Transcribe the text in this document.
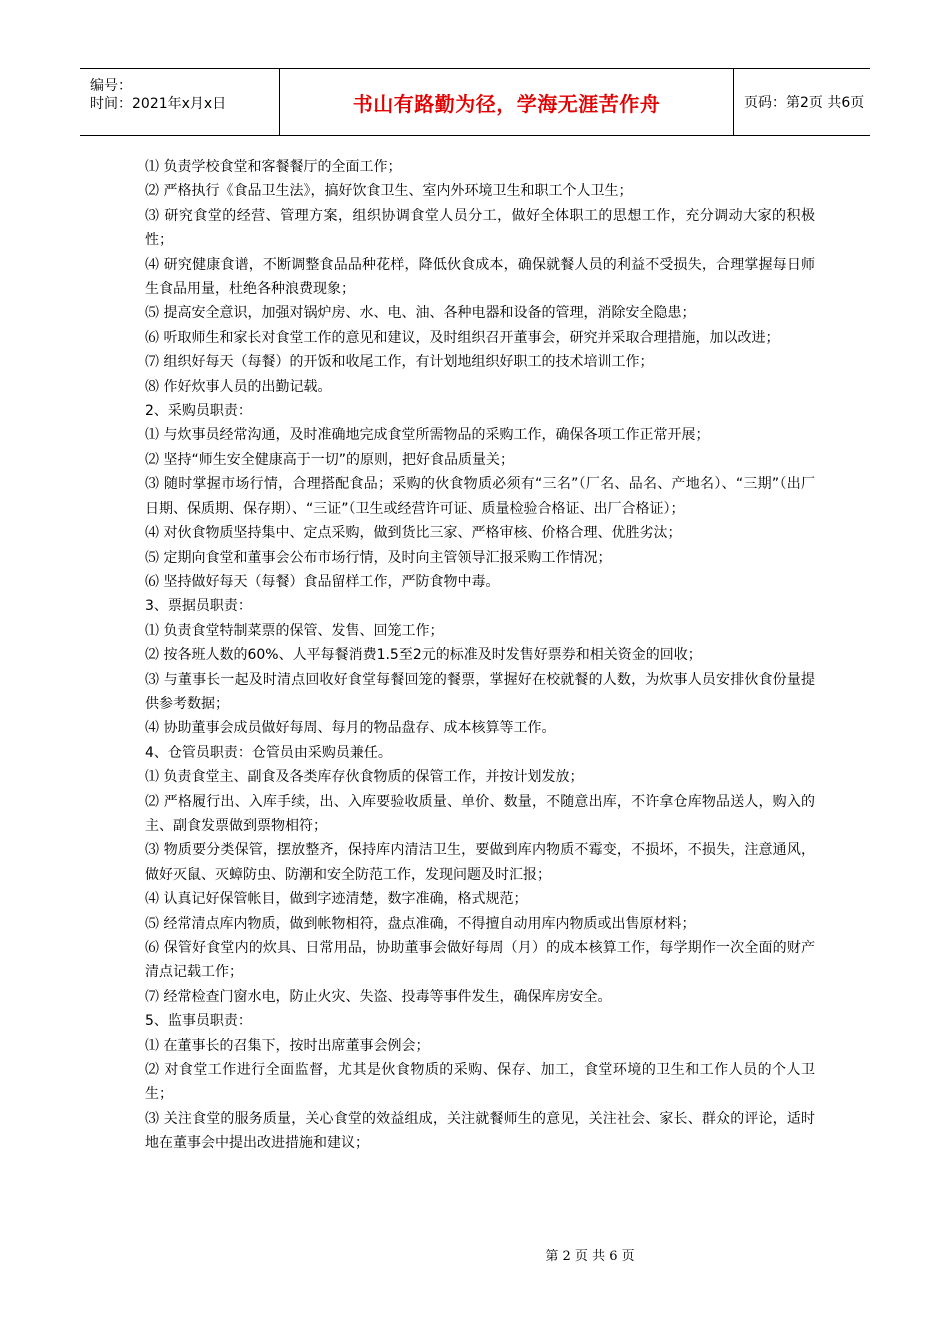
编号：
时间：2021年x月x日	书山有路勤为径，学海无涯苦作舟	页码：第2页 共6页

⑴ 负责学校食堂和客餐餐厅的全面工作；

⑵ 严格执行《食品卫生法》，搞好饮食卫生、室内外环境卫生和职工个人卫生；

⑶ 研究食堂的经营、管理方案，组织协调食堂人员分工，做好全体职工的思想工作，充分调动大家的积极性；

⑷ 研究健康食谱，不断调整食品品种花样，降低伙食成本，确保就餐人员的利益不受损失，合理掌握每日师生食品用量，杜绝各种浪费现象；

⑸ 提高安全意识，加强对锅炉房、水、电、油、各种电器和设备的管理，消除安全隐患；

⑹ 听取师生和家长对食堂工作的意见和建议，及时组织召开董事会，研究并采取合理措施，加以改进；

⑺ 组织好每天（每餐）的开饭和收尾工作，有计划地组织好职工的技术培训工作；

⑻ 作好炊事人员的出勤记载。

2、采购员职责：

⑴ 与炊事员经常沟通，及时准确地完成食堂所需物品的采购工作，确保各项工作正常开展；

⑵ 坚持“师生安全健康高于一切”的原则，把好食品质量关；

⑶ 随时掌握市场行情，合理搭配食品；采购的伙食物质必须有“三名”（厂名、品名、产地名）、“三期”（出厂日期、保质期、保存期）、“三证”（卫生或经营许可证、质量检验合格证、出厂合格证）；

⑷ 对伙食物质坚持集中、定点采购，做到货比三家、严格审核、价格合理、优胜劣汰；

⑸ 定期向食堂和董事会公布市场行情，及时向主管领导汇报采购工作情况；

⑹ 坚持做好每天（每餐）食品留样工作，严防食物中毒。

3、票据员职责：

⑴ 负责食堂特制菜票的保管、发售、回笼工作；

⑵ 按各班人数的60%、人平每餐消费1.5至2元的标准及时发售好票券和相关资金的回收；

⑶ 与董事长一起及时清点回收好食堂每餐回笼的餐票，掌握好在校就餐的人数，为炊事人员安排伙食份量提供参考数据；

⑷ 协助董事会成员做好每周、每月的物品盘存、成本核算等工作。

4、仓管员职责：仓管员由采购员兼任。

⑴ 负责食堂主、副食及各类库存伙食物质的保管工作，并按计划发放；

⑵ 严格履行出、入库手续，出、入库要验收质量、单价、数量，不随意出库，不许拿仓库物品送人，购入的主、副食发票做到票物相符；

⑶ 物质要分类保管，摆放整齐，保持库内清洁卫生，要做到库内物质不霉变，不损坏，不损失，注意通风，做好灭鼠、灭蟑防虫、防潮和安全防范工作，发现问题及时汇报；

⑷ 认真记好保管帐目，做到字迹清楚，数字准确，格式规范；

⑸ 经常清点库内物质，做到帐物相符，盘点准确，不得擅自动用库内物质或出售原材料；

⑹ 保管好食堂内的炊具、日常用品，协助董事会做好每周（月）的成本核算工作，每学期作一次全面的财产清点记载工作；

⑺ 经常检查门窗水电，防止火灾、失盗、投毒等事件发生，确保库房安全。

5、监事员职责：

⑴ 在董事长的召集下，按时出席董事会例会；

⑵ 对食堂工作进行全面监督，尤其是伙食物质的采购、保存、加工，食堂环境的卫生和工作人员的个人卫生；

⑶ 关注食堂的服务质量，关心食堂的效益组成，关注就餐师生的意见，关注社会、家长、群众的评论，适时地在董事会中提出改进措施和建议；

第 2 页 共 6 页
